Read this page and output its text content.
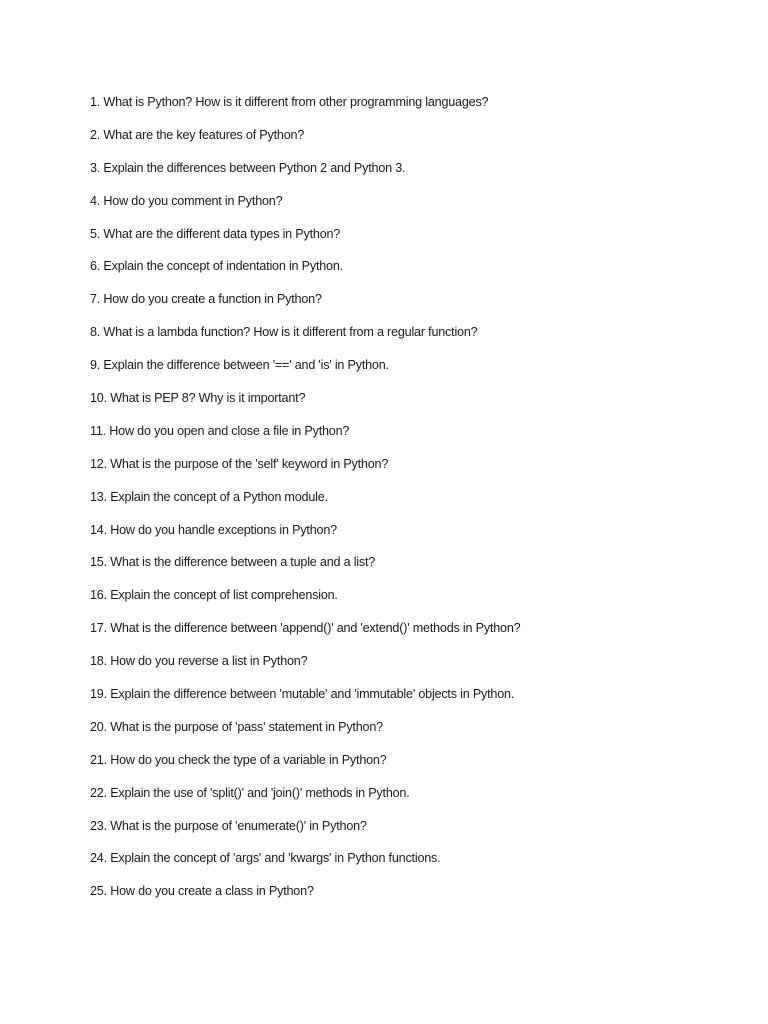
1. What is Python? How is it different from other programming languages?
2. What are the key features of Python?
3. Explain the differences between Python 2 and Python 3.
4. How do you comment in Python?
5. What are the different data types in Python?
6. Explain the concept of indentation in Python.
7. How do you create a function in Python?
8. What is a lambda function? How is it different from a regular function?
9. Explain the difference between '==' and 'is' in Python.
10. What is PEP 8? Why is it important?
11. How do you open and close a file in Python?
12. What is the purpose of the 'self' keyword in Python?
13. Explain the concept of a Python module.
14. How do you handle exceptions in Python?
15. What is the difference between a tuple and a list?
16. Explain the concept of list comprehension.
17. What is the difference between 'append()' and 'extend()' methods in Python?
18. How do you reverse a list in Python?
19. Explain the difference between 'mutable' and 'immutable' objects in Python.
20. What is the purpose of 'pass' statement in Python?
21. How do you check the type of a variable in Python?
22. Explain the use of 'split()' and 'join()' methods in Python.
23. What is the purpose of 'enumerate()' in Python?
24. Explain the concept of 'args' and 'kwargs' in Python functions.
25. How do you create a class in Python?
